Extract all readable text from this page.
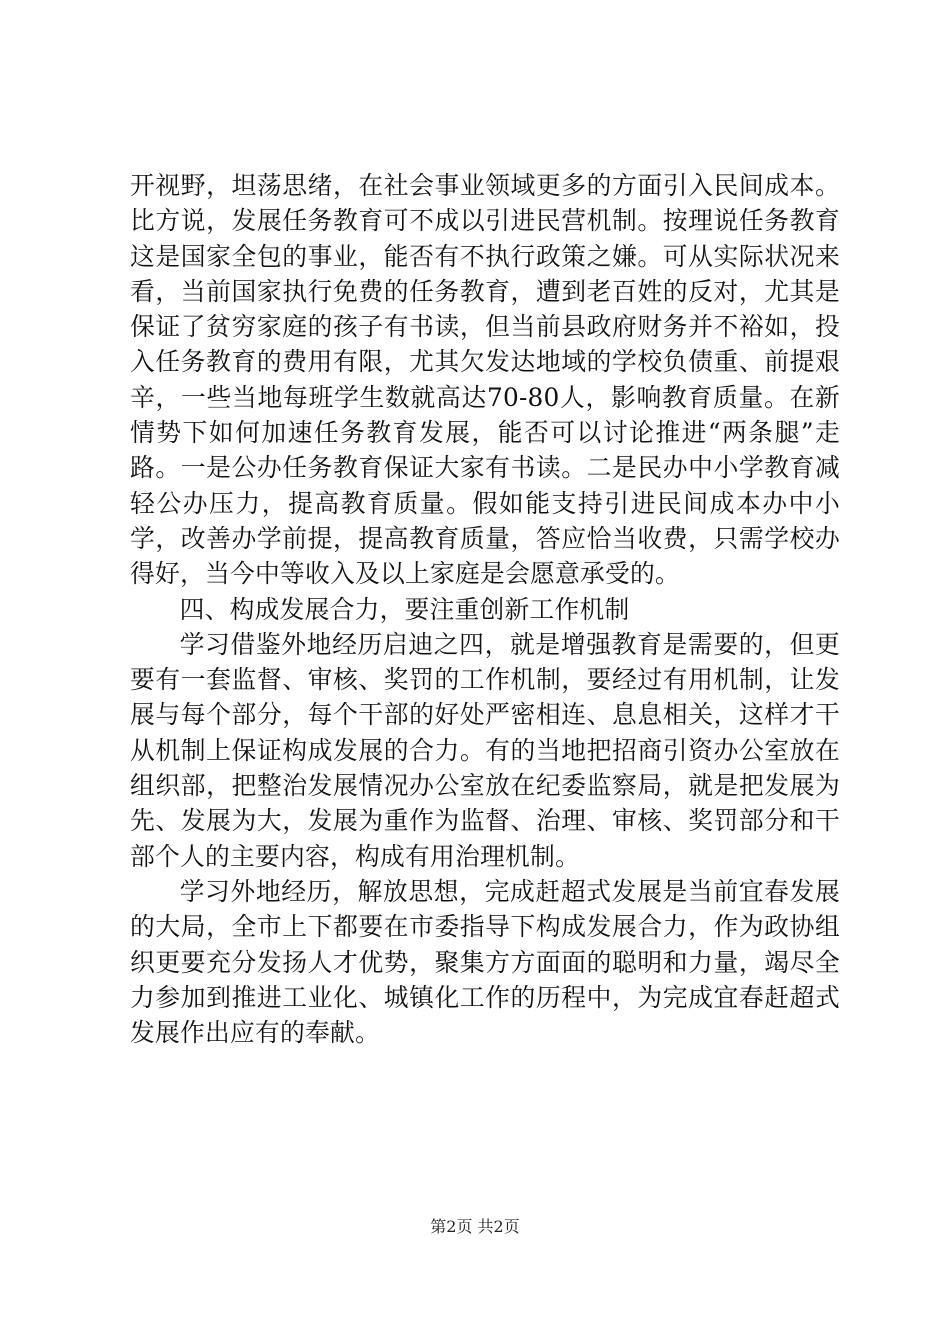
开视野，坦荡思绪，在社会事业领域更多的方面引入民间成本。比方说，发展任务教育可不成以引进民营机制。按理说任务教育这是国家全包的事业，能否有不执行政策之嫌。可从实际状况来看，当前国家执行免费的任务教育，遭到老百姓的反对，尤其是保证了贫穷家庭的孩子有书读，但当前县政府财务并不裕如，投入任务教育的费用有限，尤其欠发达地域的学校负债重、前提艰辛，一些当地每班学生数就高达70-80人，影响教育质量。在新情势下如何加速任务教育发展，能否可以讨论推进“两条腿”走路。一是公办任务教育保证大家有书读。二是民办中小学教育减轻公办压力，提高教育质量。假如能支持引进民间成本办中小学，改善办学前提，提高教育质量，答应恰当收费，只需学校办得好，当今中等收入及以上家庭是会愿意承受的。

四、构成发展合力，要注重创新工作机制

学习借鉴外地经历启迪之四，就是增强教育是需要的，但更要有一套监督、审核、奖罚的工作机制，要经过有用机制，让发展与每个部分，每个干部的好处严密相连、息息相关，这样才干从机制上保证构成发展的合力。有的当地把招商引资办公室放在组织部，把整治发展情况办公室放在纪委监察局，就是把发展为先、发展为大，发展为重作为监督、治理、审核、奖罚部分和干部个人的主要内容，构成有用治理机制。

学习外地经历，解放思想，完成赶超式发展是当前宜春发展的大局，全市上下都要在市委指导下构成发展合力，作为政协组织更要充分发扬人才优势，聚集方方面面的聪明和力量，竭尽全力参加到推进工业化、城镇化工作的历程中，为完成宜春赶超式发展作出应有的奉献。

第2页 共2页
